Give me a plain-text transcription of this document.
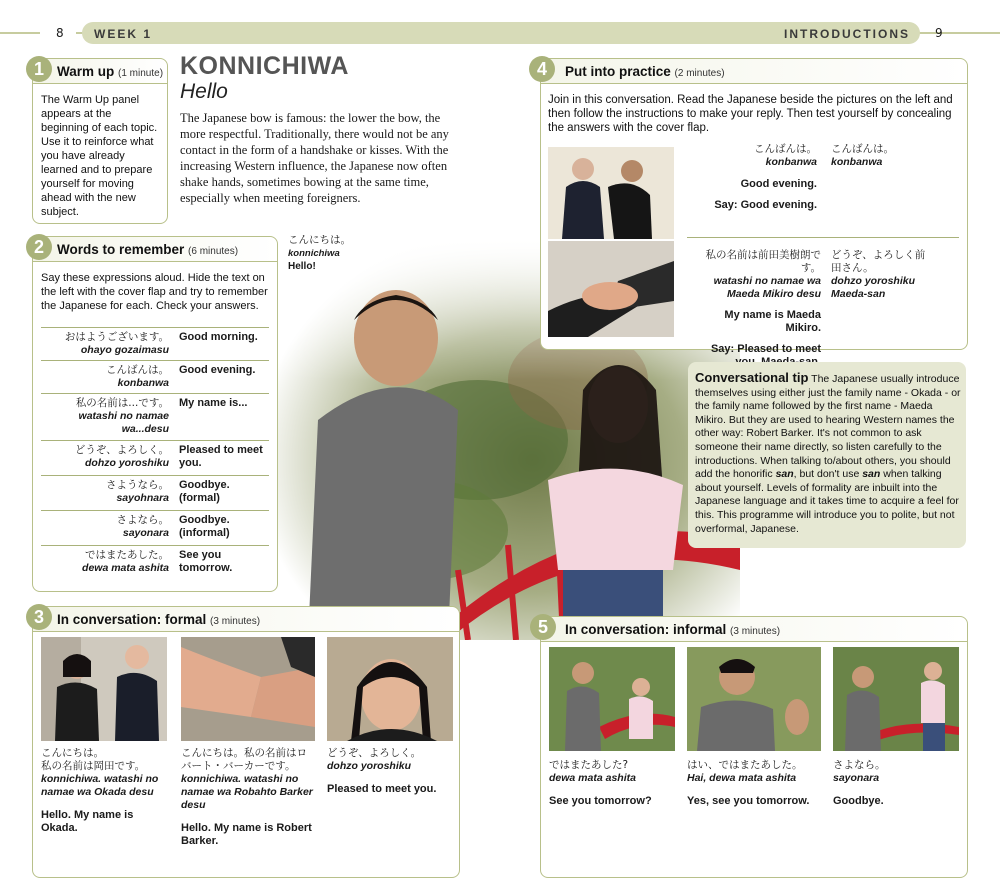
8	WEEK 1	INTRODUCTIONS 9
KONNICHIWA
Hello
The Japanese bow is famous: the lower the bow, the more respectful. Traditionally, there would not be any contact in the form of a handshake or kisses. With the increasing Western influence, the Japanese now often shake hands, sometimes bowing at the same time, especially when meeting foreigners.
こんにちは。
konnichiwa
Hello!
Warm up (1 minute)
The Warm Up panel appears at the beginning of each topic. Use it to reinforce what you have already learned and to prepare yourself for moving ahead with the new subject.
1
Words to remember (6 minutes)
Say these expressions aloud. Hide the text on the left with the cover flap and try to remember the Japanese for each. Check your answers.
おはようございます。
ohayo gozaimasu
Good morning.
こんばんは。
konbanwa
Good evening.
私の名前は...です。
watashi no namae wa...desu
My name is...
どうぞ、よろしく。
dohzo yoroshiku
Pleased to meet you.
さようなら。
sayohnara
Goodbye. (formal)
さよなら。
sayonara
Goodbye. (informal)
ではまたあした。
dewa mata ashita
See you tomorrow.
2
Put into practice (2 minutes)
Join in this conversation. Read the Japanese beside the pictures on the left and then follow the instructions to make your reply. Then test yourself by concealing the answers with the cover flap.
こんばんは。
konbanwa
Good evening.
Say: Good evening.
こんばんは。
konbanwa
私の名前は前田美樹朗です。
watashi no namae wa Maeda Mikiro desu
My name is Maeda Mikiro.
Say: Pleased to meet
どうぞ、よろしく前田さん。
dohzo yoroshiku Maeda-san
4
Conversational tip The Japanese usually introduce themselves using either just the family name - Okada - or the family name followed by the first name - Maeda Mikiro. But they are used to hearing Western names the other way: Robert Barker. It's not common to ask someone their name directly, so listen carefully to the introductions. When talking to/about others, you should add the honorific san, but don't use san when talking about yourself. Levels of formality are inbuilt into the Japanese language and it takes time to acquire a feel for this. This programme will introduce you to polite, but not overformal, Japanese.
In conversation: formal (3 minutes)
こんにちは。
私の名前は岡田です。
konnichiwa. watashi no namae wa Okada desu
Hello. My name is Okada.
こんにちは。私の名前はロバート・バーカーです。
konnichiwa. watashi no namae wa Robahto Barker desu
Hello. My name is Robert Barker.
どうぞ、よろしく。
dohzo yoroshiku
Pleased to meet you.
3
In conversation: informal (3 minutes)
ではまたあした?
dewa mata ashita
See you tomorrow?
はい、ではまたあした。
Hai, dewa mata ashita
Yes, see you tomorrow.
さよなら。
sayonara
Goodbye.
5
